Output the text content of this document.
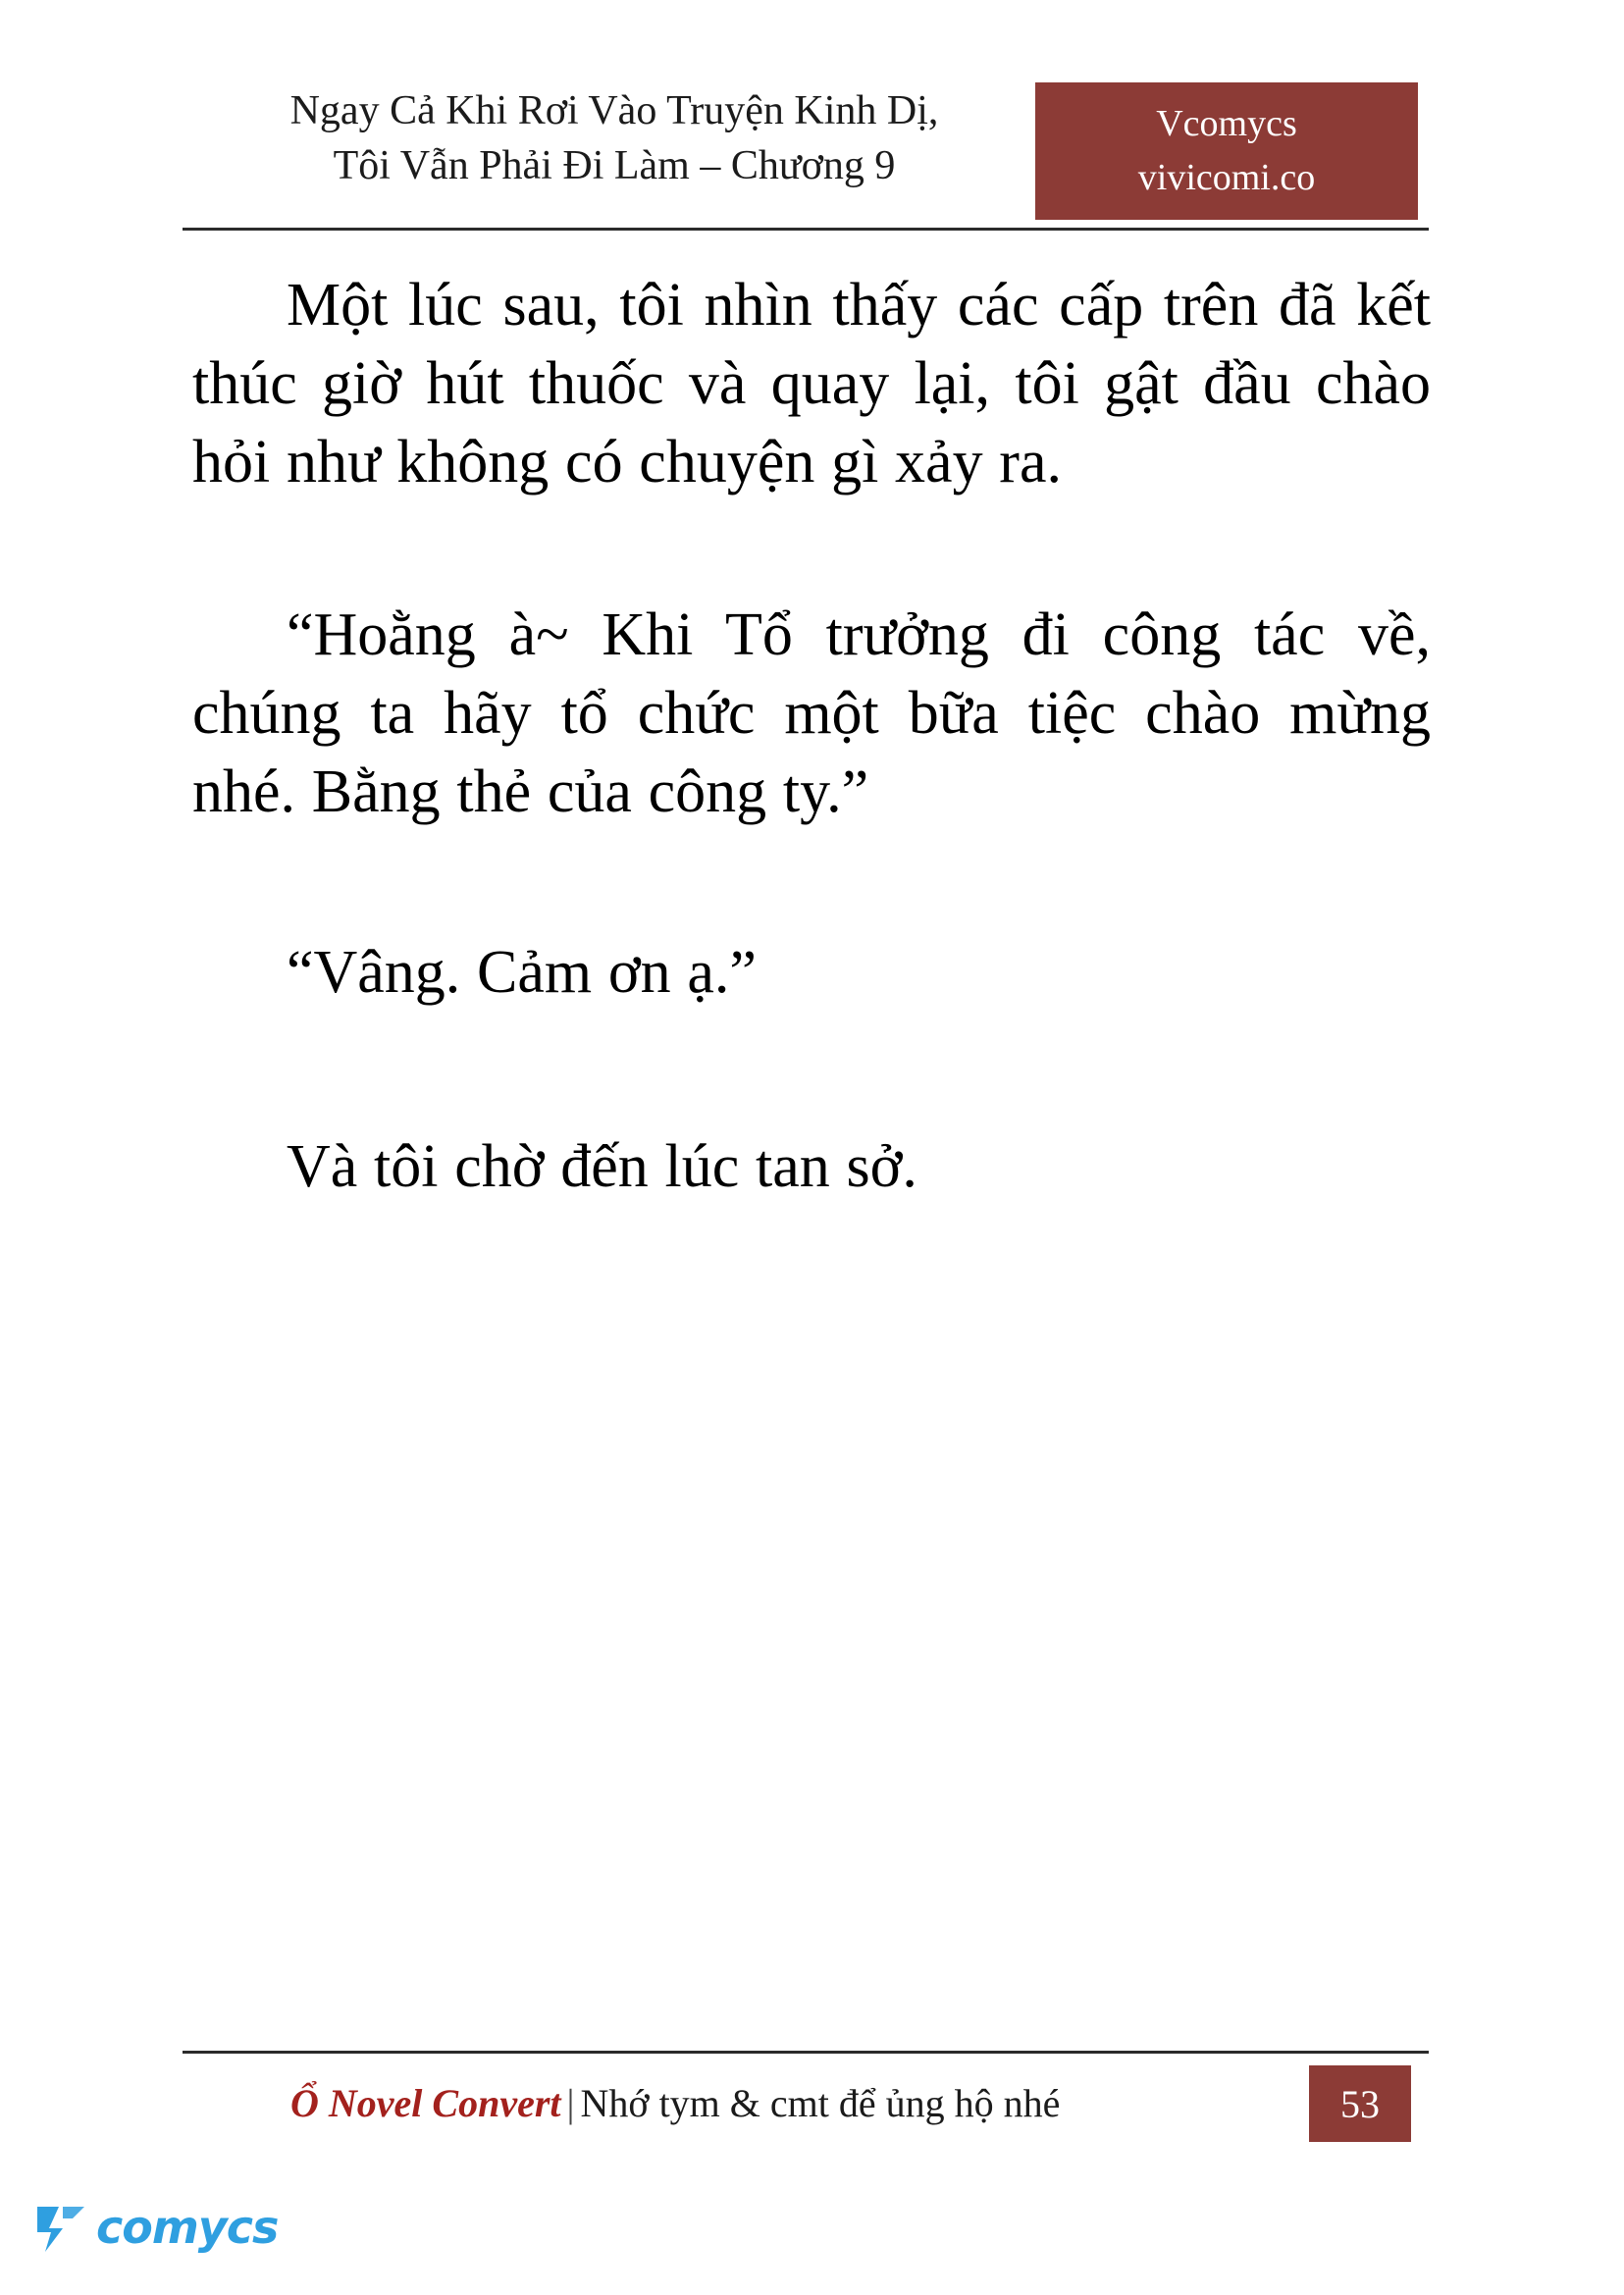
Ngay Cả Khi Rơi Vào Truyện Kinh Dị,
Tôi Vẫn Phải Đi Làm – Chương 9
Vcomycs
vivicomi.co

Một lúc sau, tôi nhìn thấy các cấp trên đã kết thúc giờ hút thuốc và quay lại, tôi gật đầu chào hỏi như không có chuyện gì xảy ra.

“Hoằng à~ Khi Tổ trưởng đi công tác về, chúng ta hãy tổ chức một bữa tiệc chào mừng nhé. Bằng thẻ của công ty.”

“Vâng. Cảm ơn ạ.”

Và tôi chờ đến lúc tan sở.

Ổ Novel Convert | Nhớ tym & cmt để ủng hộ nhé	53
comycs
